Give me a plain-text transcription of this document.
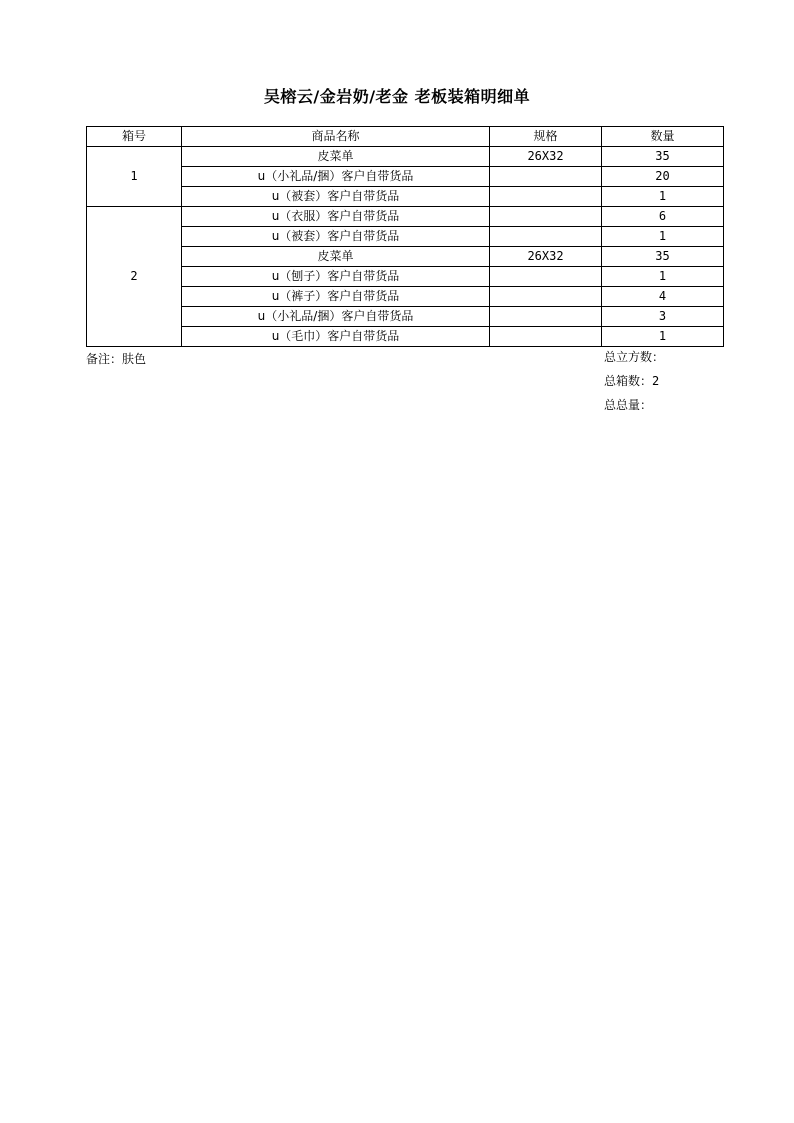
吴榕云/金岩奶/老金 老板装箱明细单
箱号	商品名称	规格	数量
1	皮菜单	26X32	35
	u（小礼品/捆）客户自带货品		20
	u（被套）客户自带货品		1
2	u（衣服）客户自带货品		6
	u（被套）客户自带货品		1
	皮菜单	26X32	35
	u（刨子）客户自带货品		1
	u（裤子）客户自带货品		4
	u（小礼品/捆）客户自带货品		3
	u（毛巾）客户自带货品		1
备注：肤色	总立方数：
总箱数：2
总总量：
